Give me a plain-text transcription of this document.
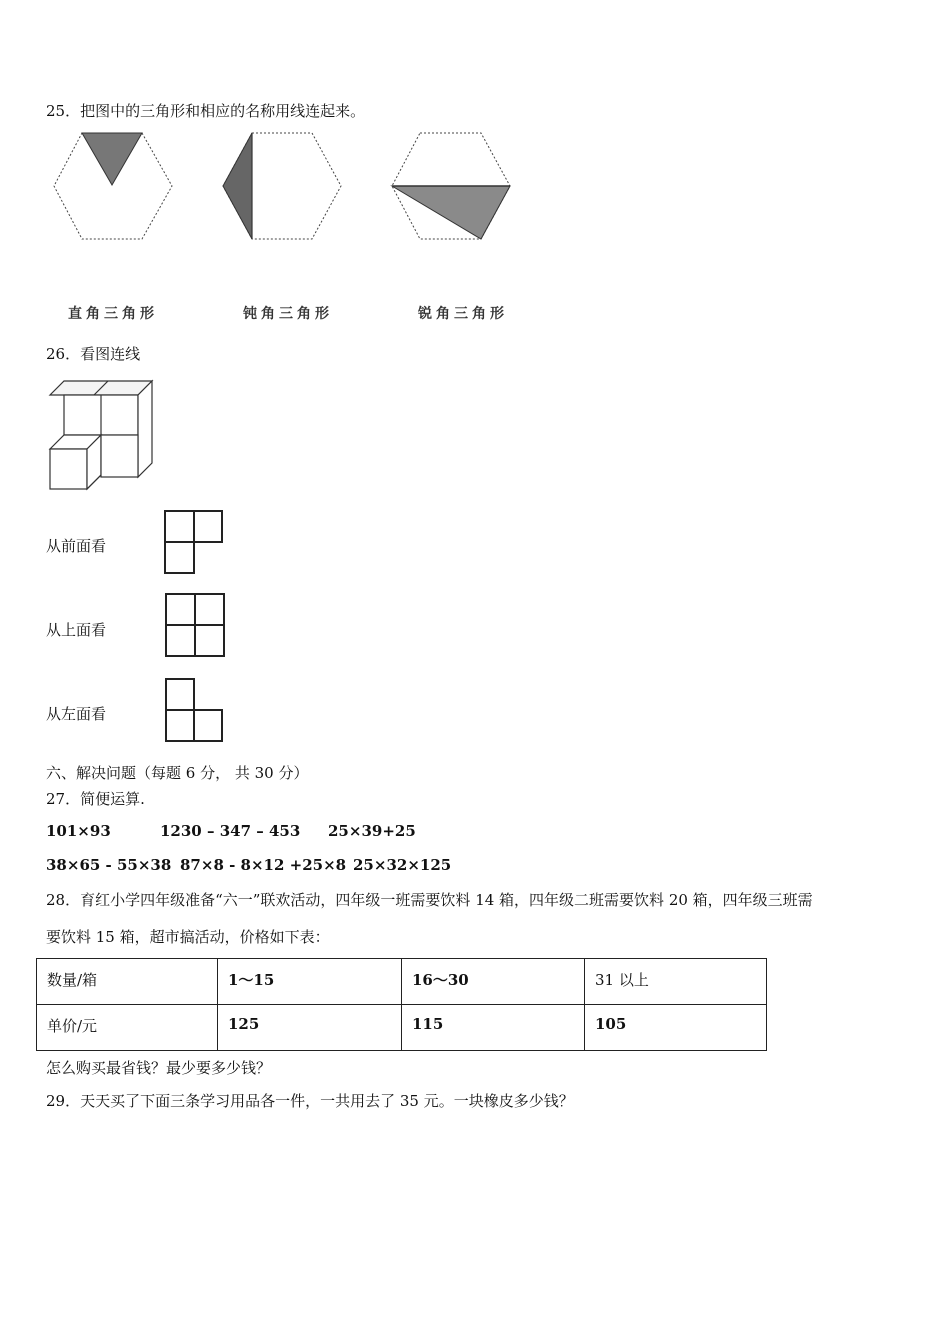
25．把图中的三角形和相应的名称用线连起来。
直角三角形	钝角三角形	锐角三角形
26．看图连线
从前面看
从上面看
从左面看
六、解决问题（每题 6 分， 共 30 分）
27．简便运算.
101×93	1230 – 347 – 453 25×39+25
38×65 - 55×38 87×8 - 8×12 +25×8 25×32×125
28．育红小学四年级准备“六一”联欢活动，四年级一班需要饮料 14 箱，四年级二班需要饮料 20 箱，四年级三班需
要饮料 15 箱，超市搞活动，价格如下表：
数量/箱	1～15	16～30	31 以上
单价/元	125	115	105
怎么购买最省钱？最少要多少钱？
29．天天买了下面三条学习用品各一件，一共用去了 35 元。一块橡皮多少钱？
